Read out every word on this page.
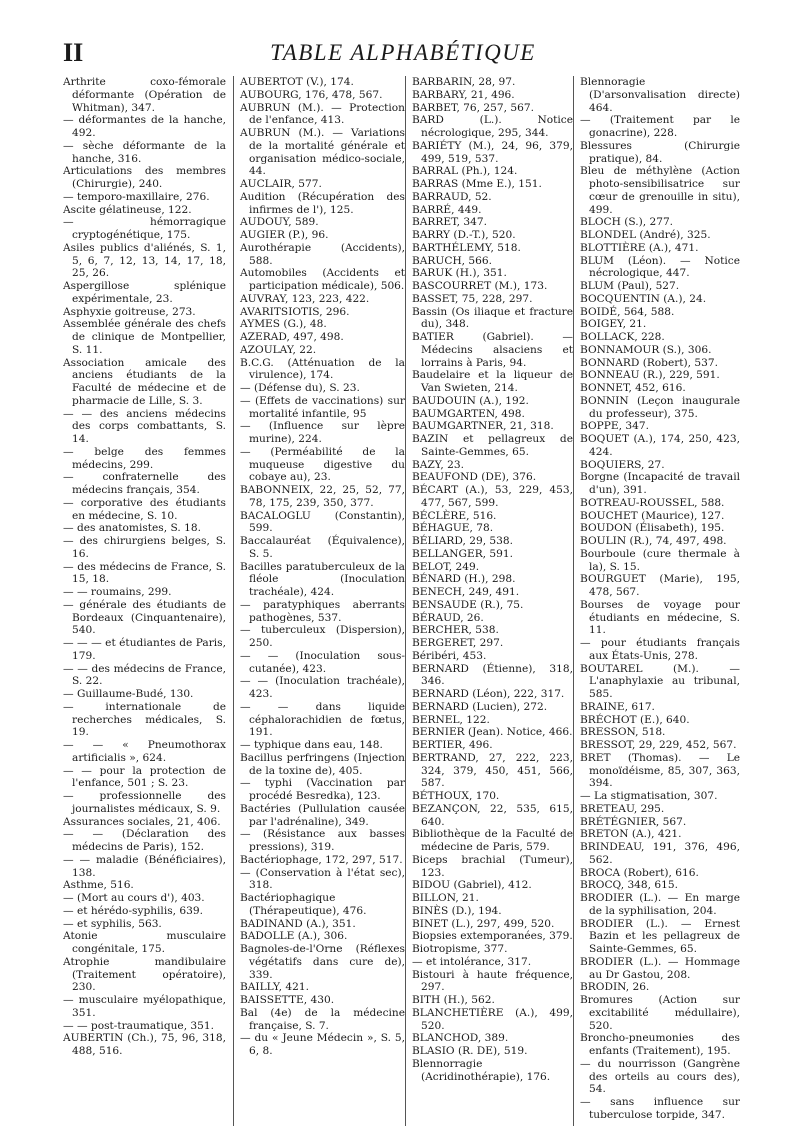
II	TABLE ALPHABÉTIQUE
Arthrite coxo-fémorale déformante (Opération de Whitman), 347.
— déformantes de la hanche, 492.
— sèche déformante de la hanche, 316.
Articulations des membres (Chirurgie), 240.
— temporo-maxillaire, 276.
Ascite gélatineuse, 122.
— hémorragique cryptogénétique, 175.
Asiles publics d'aliénés, S. 1, 5, 6, 7, 12, 13, 14, 17, 18, 25, 26.
Aspergillose splénique expérimentale, 23.
Asphyxie goitreuse, 273.
Assemblée générale des chefs de clinique de Montpellier, S. 11.
Association amicale des anciens étudiants de la Faculté de médecine et de pharmacie de Lille, S. 3.
— — des anciens médecins des corps combattants, S. 14.
— belge des femmes médecins, 299.
— confraternelle des médecins français, 354.
— corporative des étudiants en médecine, S. 10.
— des anatomistes, S. 18.
— des chirurgiens belges, S. 16.
— des médecins de France, S. 15, 18.
— — roumains, 299.
— générale des étudiants de Bordeaux (Cinquantenaire), 540.
— — — et étudiantes de Paris, 179.
— — des médecins de France, S. 22.
— Guillaume-Budé, 130.
— internationale de recherches médicales, S. 19.
— — « Pneumothorax artificialis », 624.
— — pour la protection de l'enfance, 501 ; S. 23.
— professionnelle des journalistes médicaux, S. 9.
Assurances sociales, 21, 406.
— — (Déclaration des médecins de Paris), 152.
— — maladie (Bénéficiaires), 138.
Asthme, 516.
— (Mort au cours d'), 403.
— et hérédo-syphilis, 639.
— et syphilis, 563.
Atonie musculaire congénitale, 175.
Atrophie mandibulaire (Traitement opératoire), 230.
— musculaire myélopathique, 351.
— — post-traumatique, 351.
AUBERTIN (Ch.), 75, 96, 318, 488, 516.
AUBERTOT (V.), 174.
AUBOURG, 176, 478, 567.
AUBRUN (M.). — Protection de l'enfance, 413.
AUBRUN (M.). — Variations de la mortalité générale et organisation médico-sociale, 44.
AUCLAIR, 577.
Audition (Récupération des infirmes de l'), 125.
AUDOUY, 589.
AUGIER (P.), 96.
Aurothérapie (Accidents), 588.
Automobiles (Accidents et participation médicale), 506.
AUVRAY, 123, 223, 422.
AVARITSIOTIS, 296.
AYMES (G.), 48.
AZERAD, 497, 498.
AZOULAY, 22.
B.C.G. (Atténuation de la virulence), 174.
— (Défense du), S. 23.
— (Effets de vaccinations) sur mortalité infantile, 95
— (Influence sur lèpre murine), 224.
— (Perméabilité de la muqueuse digestive du cobaye au), 23.
BABONNEIX, 22, 25, 52, 77, 78, 175, 239, 350, 377.
BACALOGLU (Constantin), 599.
Baccalauréat (Équivalence), S. 5.
Bacilles paratuberculeux de la fléole (Inoculation trachéale), 424.
— paratyphiques aberrants pathogènes, 537.
— tuberculeux (Dispersion), 250.
— — (Inoculation sous-cutanée), 423.
— — (Inoculation trachéale), 423.
— — dans liquide céphalorachidien de fœtus, 191.
— typhique dans eau, 148.
Bacillus perfringens (Injection de la toxine de), 405.
— typhi (Vaccination par procédé Besredka), 123.
Bactéries (Pullulation causée par l'adrénaline), 349.
— (Résistance aux basses pressions), 319.
Bactériophage, 172, 297, 517.
— (Conservation à l'état sec), 318.
Bactériophagique (Thérapeutique), 476.
BADINAND (A.), 351.
BADOLLE (A.), 306.
Bagnoles-de-l'Orne (Réflexes végétatifs dans cure de), 339.
BAILLY, 421.
BAISSETTE, 430.
Bal (4e) de la médecine française, S. 7.
— du « Jeune Médecin », S. 5, 6, 8.
BARBARIN, 28, 97.
BARBARY, 21, 496.
BARBET, 76, 257, 567.
BARD (L.). Notice nécrologique, 295, 344.
BARIÉTY (M.), 24, 96, 379, 499, 519, 537.
BARRAL (Ph.), 124.
BARRAS (Mme E.), 151.
BARRAUD, 52.
BARRÉ, 449.
BARRET, 347.
BARRY (D.-T.), 520.
BARTHÉLEMY, 518.
BARUCH, 566.
BARUK (H.), 351.
BASCOURRET (M.), 173.
BASSET, 75, 228, 297.
Bassin (Os iliaque et fracture du), 348.
BATIER (Gabriel). — Médecins alsaciens et lorrains à Paris, 94.
Baudelaire et la liqueur de Van Swieten, 214.
BAUDOUIN (A.), 192.
BAUMGARTEN, 498.
BAUMGARTNER, 21, 318.
BAZIN et pellagreux de Sainte-Gemmes, 65.
BAZY, 23.
BEAUFOND (DE), 376.
BÉCART (A.), 53, 229, 453, 477, 567, 599.
BÉCLÈRE, 516.
BÉHAGUE, 78.
BÉLIARD, 29, 538.
BELLANGER, 591.
BELOT, 249.
BÉNARD (H.), 298.
BENECH, 249, 491.
BENSAUDE (R.), 75.
BÉRAUD, 26.
BERCHER, 538.
BERGERET, 297.
Béribéri, 453.
BERNARD (Étienne), 318, 346.
BERNARD (Léon), 222, 317.
BERNARD (Lucien), 272.
BERNEL, 122.
BERNIER (Jean). Notice, 466.
BERTIER, 496.
BERTRAND, 27, 222, 223, 324, 379, 450, 451, 566, 587.
BÉTHOUX, 170.
BEZANÇON, 22, 535, 615, 640.
Bibliothèque de la Faculté de médecine de Paris, 579.
Biceps brachial (Tumeur), 123.
BIDOU (Gabriel), 412.
BILLON, 21.
BINÈS (D.), 194.
BINET (L.), 297, 499, 520.
Biopsies extemporanées, 379.
Biotropisme, 377.
— et intolérance, 317.
Bistouri à haute fréquence, 297.
BITH (H.), 562.
BLANCHETIÈRE (A.), 499, 520.
BLANCHOD, 389.
BLASIO (R. DE), 519.
Blennorragie (Acridinothérapie), 176.
Blennoragie (D'arsonvalisation directe) 464.
— (Traitement par le gonacrine), 228.
Blessures (Chirurgie pratique), 84.
Bleu de méthylène (Action photo-sensibilisatrice sur cœur de grenouille in situ), 499.
BLOCH (S.), 277.
BLONDEL (André), 325.
BLOTTIÈRE (A.), 471.
BLUM (Léon). — Notice nécrologique, 447.
BLUM (Paul), 527.
BOCQUENTIN (A.), 24.
BOIDÉ, 564, 588.
BOIGEY, 21.
BOLLACK, 228.
BONNAMOUR (S.), 306.
BONNARD (Robert), 537.
BONNEAU (R.), 229, 591.
BONNET, 452, 616.
BONNIN (Leçon inaugurale du professeur), 375.
BOPPE, 347.
BOQUET (A.), 174, 250, 423, 424.
BOQUIERS, 27.
Borgne (Incapacité de travail d'un), 391.
BOTREAU-ROUSSEL, 588.
BOUCHET (Maurice), 127.
BOUDON (Élisabeth), 195.
BOULIN (R.), 74, 497, 498.
Bourboule (cure thermale à la), S. 15.
BOURGUET (Marie), 195, 478, 567.
Bourses de voyage pour étudiants en médecine, S. 11.
— pour étudiants français aux États-Unis, 278.
BOUTAREL (M.). — L'anaphylaxie au tribunal, 585.
BRAINE, 617.
BRÉCHOT (E.), 640.
BRESSON, 518.
BRESSOT, 29, 229, 452, 567.
BRET (Thomas). — Le monoïdéisme, 85, 307, 363, 394.
— La stigmatisation, 307.
BRETEAU, 295.
BRÉTÉGNIER, 567.
BRETON (A.), 421.
BRINDEAU, 191, 376, 496, 562.
BROCA (Robert), 616.
BROCQ, 348, 615.
BRODIER (L.). — En marge de la syphilisation, 204.
BRODIER (L.). — Ernest Bazin et les pellagreux de Sainte-Gemmes, 65.
BRODIER (L.). — Hommage au Dr Gastou, 208.
BRODIN, 26.
Bromures (Action sur excitabilité médullaire), 520.
Broncho-pneumonies des enfants (Traitement), 195.
— du nourrisson (Gangrène des orteils au cours des), 54.
— sans influence sur tuberculose torpide, 347.
